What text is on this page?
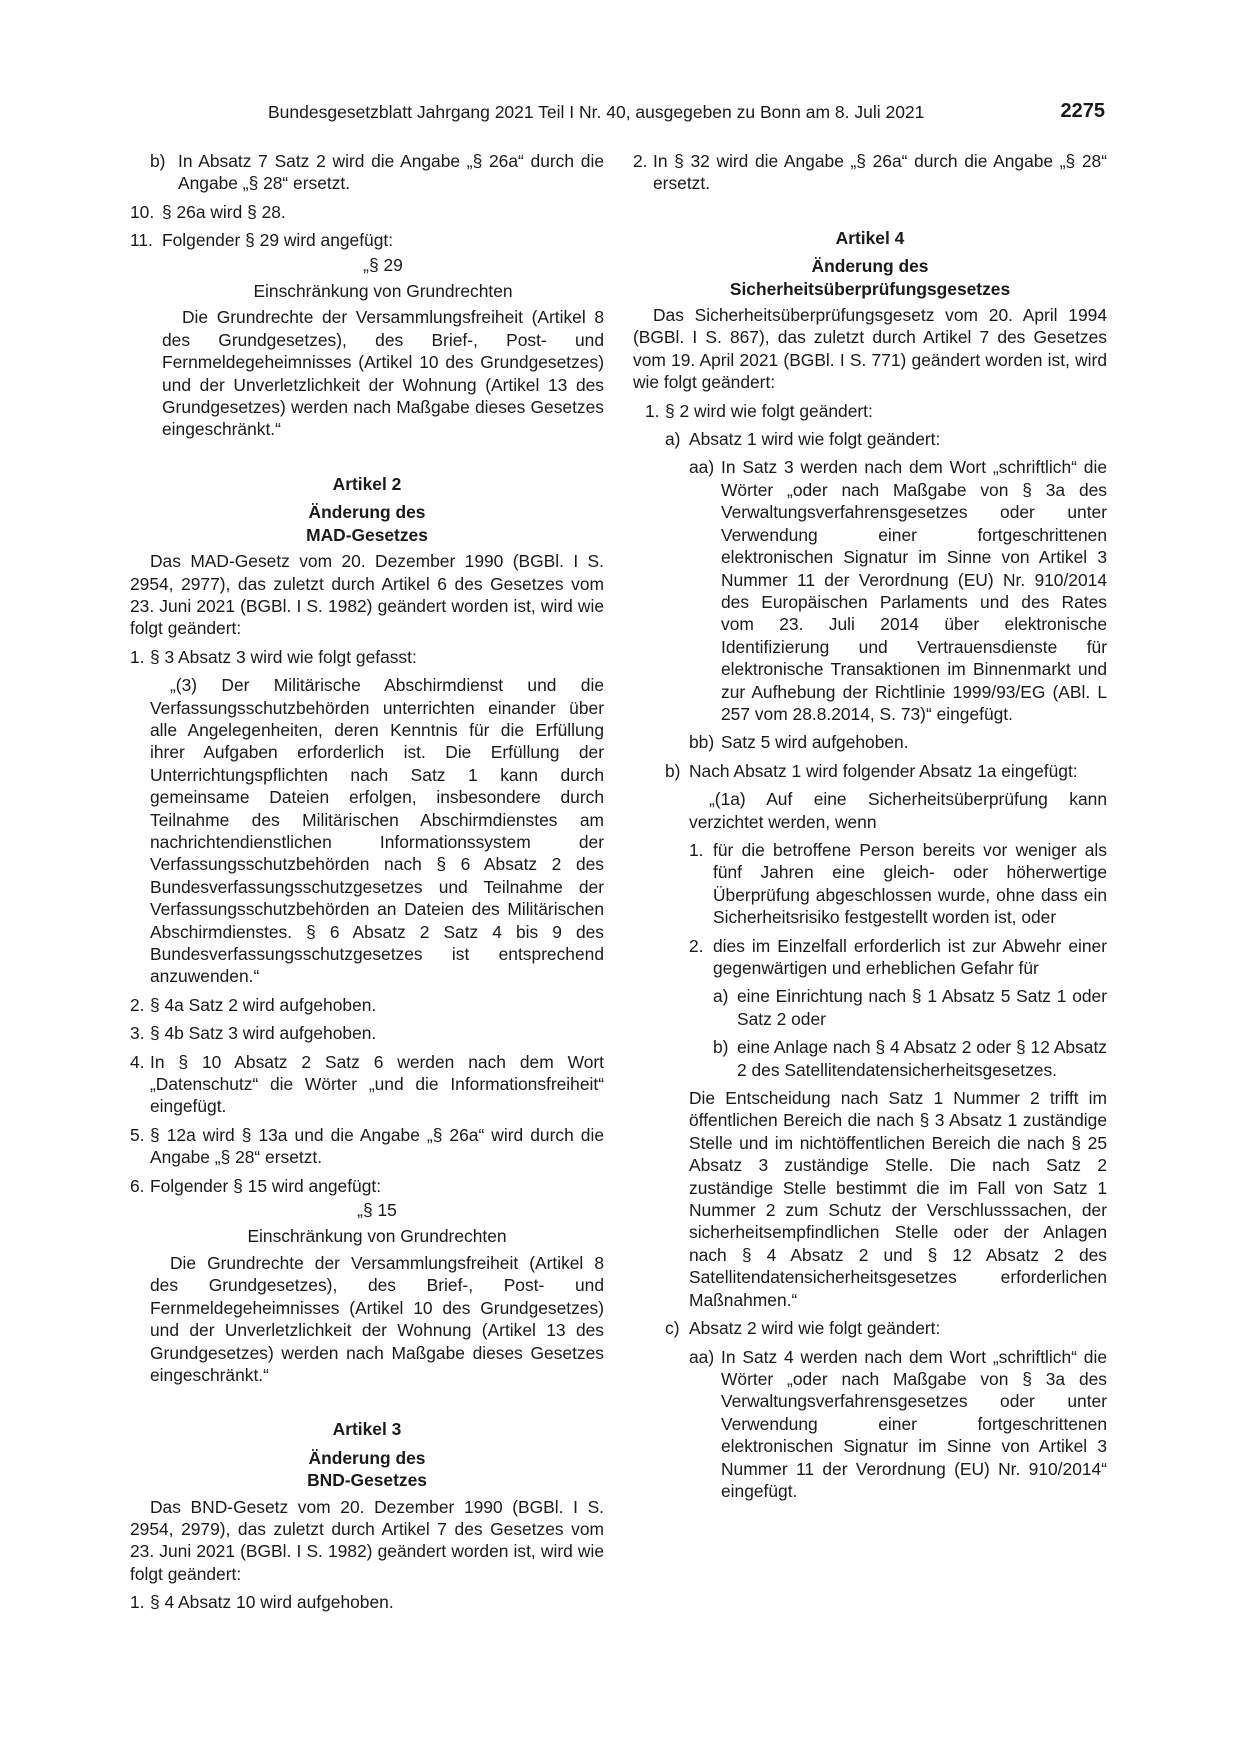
Bundesgesetzblatt Jahrgang 2021 Teil I Nr. 40, ausgegeben zu Bonn am 8. Juli 2021	2275
b) In Absatz 7 Satz 2 wird die Angabe „§ 26a“ durch die Angabe „§ 28“ ersetzt.
10. § 26a wird § 28.
11. Folgender § 29 wird angefügt:
„§ 29
Einschränkung von Grundrechten

Die Grundrechte der Versammlungsfreiheit (Artikel 8 des Grundgesetzes), des Brief-, Post- und Fernmeldegeheimnisses (Artikel 10 des Grundgesetzes) und der Unverletzlichkeit der Wohnung (Artikel 13 des Grundgesetzes) werden nach Maßgabe dieses Gesetzes eingeschränkt.“

Artikel 2
Änderung des
MAD-Gesetzes

Das MAD-Gesetz vom 20. Dezember 1990 (BGBl. I S. 2954, 2977), das zuletzt durch Artikel 6 des Gesetzes vom 23. Juni 2021 (BGBl. I S. 1982) geändert worden ist, wird wie folgt geändert:

1. § 3 Absatz 3 wird wie folgt gefasst:

„(3) Der Militärische Abschirmdienst und die Verfassungsschutzbehörden unterrichten einander über alle Angelegenheiten, deren Kenntnis für die Erfüllung ihrer Aufgaben erforderlich ist. Die Erfüllung der Unterrichtungspflichten nach Satz 1 kann durch gemeinsame Dateien erfolgen, insbesondere durch Teilnahme des Militärischen Abschirmdienstes am nachrichtendienstlichen Informationssystem der Verfassungsschutzbehörden nach § 6 Absatz 2 des Bundesverfassungsschutzgesetzes und Teilnahme der Verfassungsschutzbehörden an Dateien des Militärischen Abschirmdienstes. § 6 Absatz 2 Satz 4 bis 9 des Bundesverfassungsschutzgesetzes ist entsprechend anzuwenden.“

2. § 4a Satz 2 wird aufgehoben.
3. § 4b Satz 3 wird aufgehoben.
4. In § 10 Absatz 2 Satz 6 werden nach dem Wort „Datenschutz“ die Wörter „und die Informationsfreiheit“ eingefügt.
5. § 12a wird § 13a und die Angabe „§ 26a“ wird durch die Angabe „§ 28“ ersetzt.
6. Folgender § 15 wird angefügt:
„§ 15
Einschränkung von Grundrechten

Die Grundrechte der Versammlungsfreiheit (Artikel 8 des Grundgesetzes), des Brief-, Post- und Fernmeldegeheimnisses (Artikel 10 des Grundgesetzes) und der Unverletzlichkeit der Wohnung (Artikel 13 des Grundgesetzes) werden nach Maßgabe dieses Gesetzes eingeschränkt.“

Artikel 3
Änderung des
BND-Gesetzes

Das BND-Gesetz vom 20. Dezember 1990 (BGBl. I S. 2954, 2979), das zuletzt durch Artikel 7 des Gesetzes vom 23. Juni 2021 (BGBl. I S. 1982) geändert worden ist, wird wie folgt geändert:

1. § 4 Absatz 10 wird aufgehoben.
2. In § 32 wird die Angabe „§ 26a“ durch die Angabe „§ 28“ ersetzt.
Artikel 4
Änderung des
Sicherheitsüberprüfungsgesetzes

Das Sicherheitsüberprüfungsgesetz vom 20. April 1994 (BGBl. I S. 867), das zuletzt durch Artikel 7 des Gesetzes vom 19. April 2021 (BGBl. I S. 771) geändert worden ist, wird wie folgt geändert:

1. § 2 wird wie folgt geändert:
a) Absatz 1 wird wie folgt geändert:
aa) In Satz 3 werden nach dem Wort „schriftlich“ die Wörter „oder nach Maßgabe von § 3a des Verwaltungsverfahrensgesetzes oder unter Verwendung einer fortgeschrittenen elektronischen Signatur im Sinne von Artikel 3 Nummer 11 der Verordnung (EU) Nr. 910/2014 des Europäischen Parlaments und des Rates vom 23. Juli 2014 über elektronische Identifizierung und Vertrauensdienste für elektronische Transaktionen im Binnenmarkt und zur Aufhebung der Richtlinie 1999/93/EG (ABl. L 257 vom 28.8.2014, S. 73)“ eingefügt.
bb) Satz 5 wird aufgehoben.
b) Nach Absatz 1 wird folgender Absatz 1a eingefügt:

„(1a) Auf eine Sicherheitsüberprüfung kann verzichtet werden, wenn

1. für die betroffene Person bereits vor weniger als fünf Jahren eine gleich- oder höherwertige Überprüfung abgeschlossen wurde, ohne dass ein Sicherheitsrisiko festgestellt worden ist, oder
2. dies im Einzelfall erforderlich ist zur Abwehr einer gegenwärtigen und erheblichen Gefahr für
a) eine Einrichtung nach § 1 Absatz 5 Satz 1 oder Satz 2 oder
b) eine Anlage nach § 4 Absatz 2 oder § 12 Absatz 2 des Satellitendatensicherheitsgesetzes.

Die Entscheidung nach Satz 1 Nummer 2 trifft im öffentlichen Bereich die nach § 3 Absatz 1 zuständige Stelle und im nichtöffentlichen Bereich die nach § 25 Absatz 3 zuständige Stelle. Die nach Satz 2 zuständige Stelle bestimmt die im Fall von Satz 1 Nummer 2 zum Schutz der Verschlusssachen, der sicherheitsempfindlichen Stelle oder der Anlagen nach § 4 Absatz 2 und § 12 Absatz 2 des Satellitendatensicherheitsgesetzes erforderlichen Maßnahmen.“

c) Absatz 2 wird wie folgt geändert:
aa) In Satz 4 werden nach dem Wort „schriftlich“ die Wörter „oder nach Maßgabe von § 3a des Verwaltungsverfahrensgesetzes oder unter Verwendung einer fortgeschrittenen elektronischen Signatur im Sinne von Artikel 3 Nummer 11 der Verordnung (EU) Nr. 910/2014“ eingefügt.
